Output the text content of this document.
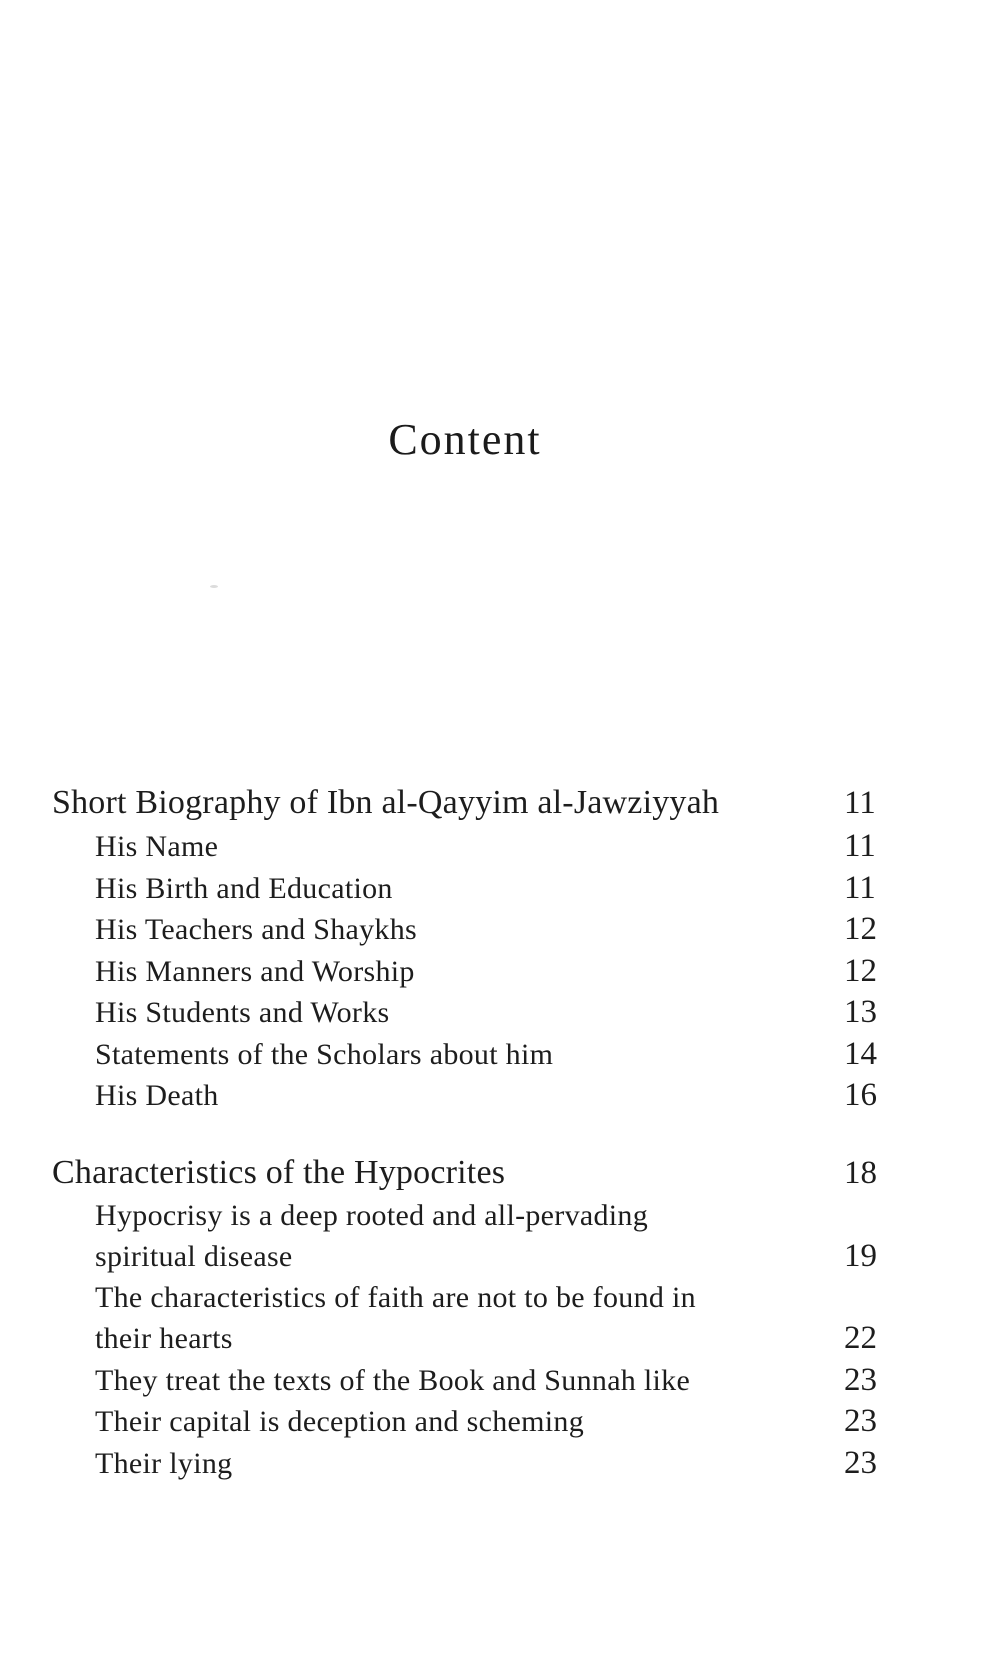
Content
Short Biography of Ibn al-Qayyim al-Jawziyyah	11
His Name	11
His Birth and Education	11
His Teachers and Shaykhs	12
His Manners and Worship	12
His Students and Works	13
Statements of the Scholars about him	14
His Death	16
Characteristics of the Hypocrites	18
Hypocrisy is a deep rooted and all-pervading
spiritual disease	19
The characteristics of faith are not to be found in
their hearts	22
They treat the texts of the Book and Sunnah like	23
Their capital is deception and scheming	23
Their lying	23
